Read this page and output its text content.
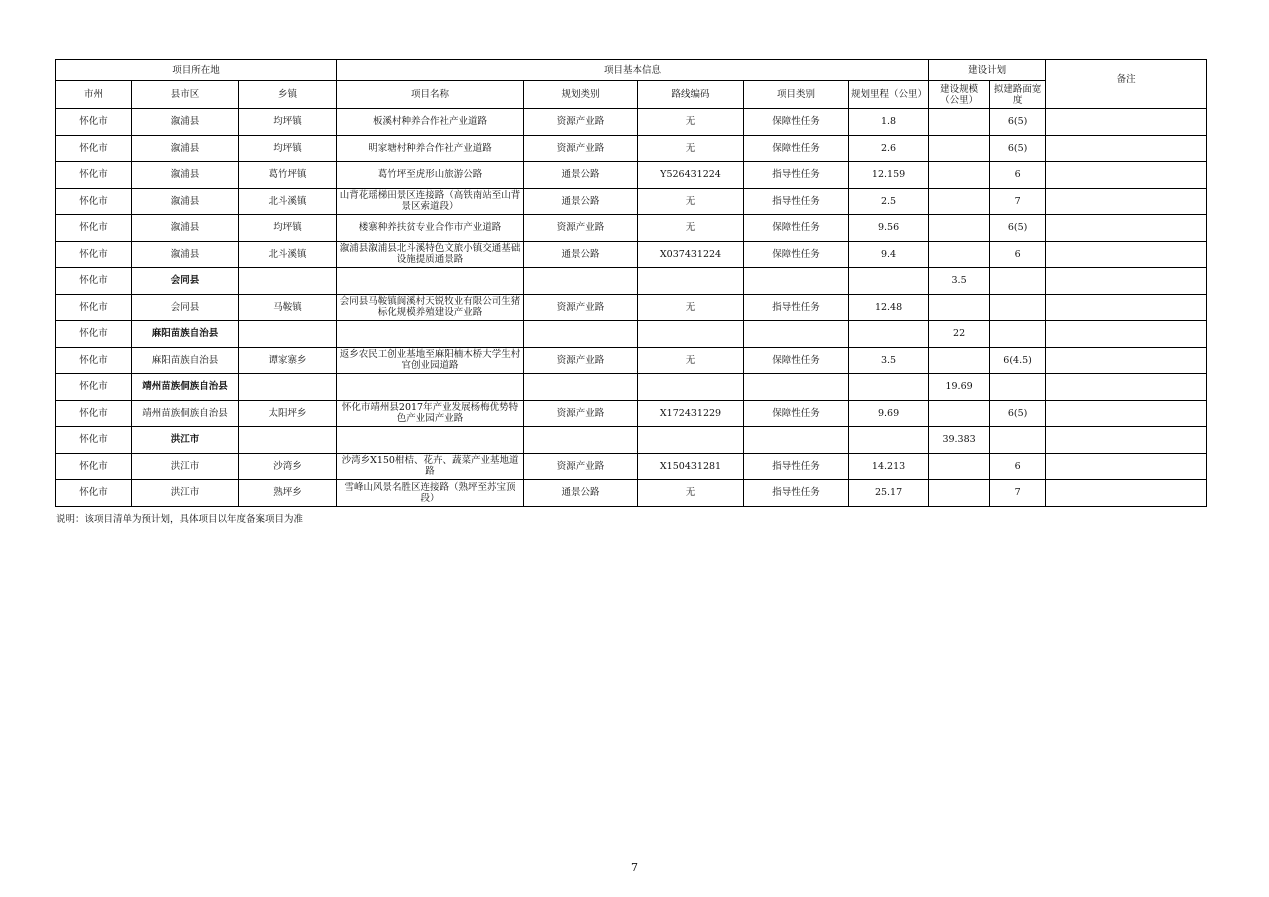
项目所在地			项目基本信息					建设计划		备注
市州	县市区	乡镇	项目名称	规划类别	路线编码	项目类别	规划里程（公里）	建设规模（公里）	拟建路面宽度	
怀化市	溆浦县	均坪镇	板溪村种养合作社产业道路	资源产业路	无	保障性任务	1.8		6(5)	
怀化市	溆浦县	均坪镇	明家塘村种养合作社产业道路	资源产业路	无	保障性任务	2.6		6(5)	
怀化市	溆浦县	葛竹坪镇	葛竹坪至虎形山旅游公路	通景公路	Y526431224	指导性任务	12.159		6	
怀化市	溆浦县	北斗溪镇	山背花瑶梯田景区连接路（高铁南站至山背景区索道段）	通景公路	无	指导性任务	2.5		7	
怀化市	溆浦县	均坪镇	楼寨种养扶贫专业合作市产业道路	资源产业路	无	保障性任务	9.56		6(5)	
怀化市	溆浦县	北斗溪镇	溆浦县溆浦县北斗溪特色文旅小镇交通基础设施提质通景路	通景公路	X037431224	保障性任务	9.4		6	
怀化市	会同县							3.5		
怀化市	会同县	马鞍镇	会同县马鞍镇阆溪村天锐牧业有限公司生猪标化规模养殖建设产业路	资源产业路	无	指导性任务	12.48			
怀化市	麻阳苗族自治县							22		
怀化市	麻阳苗族自治县	谭家寨乡	返乡农民工创业基地至麻阳楠木桥大学生村官创业园道路	资源产业路	无	保障性任务	3.5		6(4.5)	
怀化市	靖州苗族侗族自治县							19.69		
怀化市	靖州苗族侗族自治县	太阳坪乡	怀化市靖州县2017年产业发展杨梅优势特色产业园产业路	资源产业路	X172431229	保障性任务	9.69		6(5)	
怀化市	洪江市							39.383		
怀化市	洪江市	沙湾乡	沙湾乡X150柑桔、花卉、蔬菜产业基地道路	资源产业路	X150431281	指导性任务	14.213		6	
怀化市	洪江市	熟坪乡	雪峰山风景名胜区连接路（熟坪至苏宝顶段）	通景公路	无	指导性任务	25.17		7	
说明：该项目清单为预计划，具体项目以年度备案项目为准
7
